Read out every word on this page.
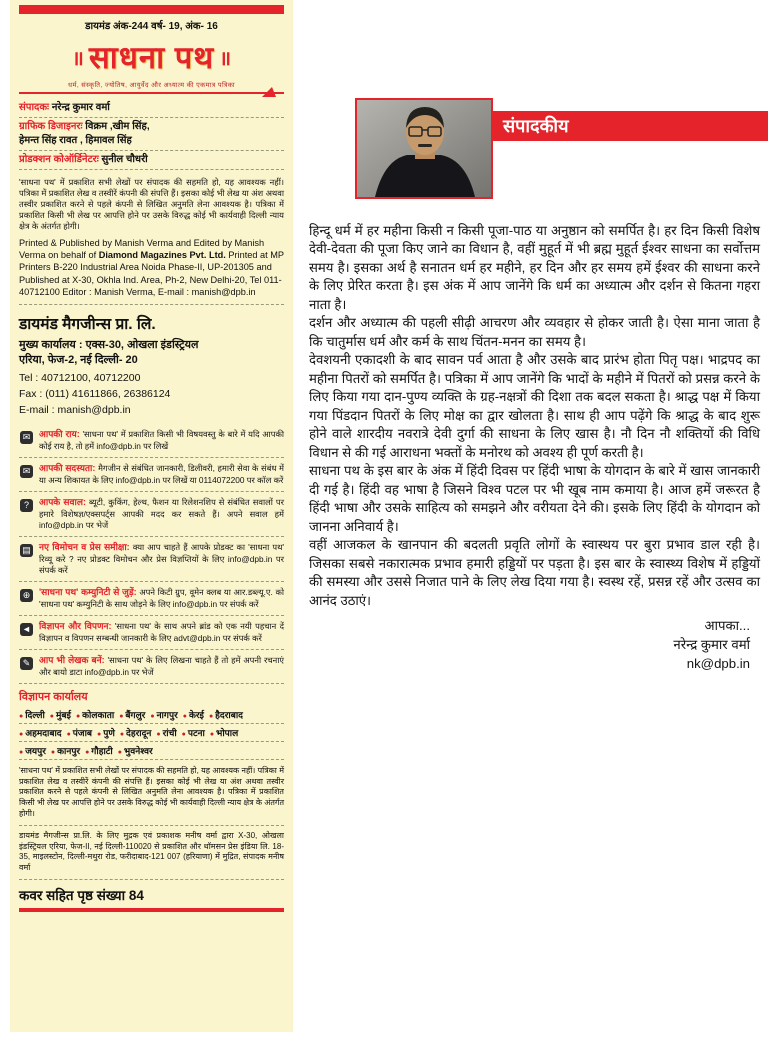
डायमंड अंक-244 वर्ष- 19, अंक- 16
॥ साधना पथ ॥
धर्म, संस्कृति, ज्योतिष, आयुर्वेद और अध्यात्म की एकमात्र पत्रिका
संपादकः नरेन्द्र कुमार वर्मा
ग्राफिक डिजाइनरः विक्रम ,खीम सिंह,
हेमन्त सिंह रावत , हिमावल सिंह
प्रोडक्शन कोऑर्डिनेटरः सुनील चौधरी

'साधना पथ' में प्रकाशित सभी लेखों पर संपादक की सहमति हो, यह आवश्यक नहीं। पत्रिका में प्रकाशित लेख व तस्वीरें कंपनी की संपत्ति हैं। इसका कोई भी लेख या अंश अथवा तस्वीर प्रकाशित करने से पहले कंपनी से लिखित अनुमति लेना आवश्यक है। पत्रिका में प्रकाशित किसी भी लेख पर आपत्ति होने पर उसके विरुद्ध कोई भी कार्यवाही दिल्ली न्याय क्षेत्र के अंतर्गत होगी।

Printed & Published by Manish Verma and Edited by Manish Verma on behalf of Diamond Magazines Pvt. Ltd. Printed at MP Printers B-220 Industrial Area Noida Phase-II, UP-201305 and Published at X-30, Okhla Ind. Area, Ph-2, New Delhi-20, Tel 011-40712100 Editor : Manish Verma, E-mail : manish@dpb.in

डायमंड मैगजीन्स प्रा. लि.
मुख्य कार्यालय : एक्स-30, ओखला इंडस्ट्रियल
एरिया, फेज-2, नई दिल्ली- 20
Tel : 40712100, 40712200
Fax : (011) 41611866, 26386124
E-mail : manish@dpb.in
✉ आपकी राय: 'साधना पथ' में प्रकाशित किसी भी विषयवस्तु के बारे में यदि आपकी कोई राय है, तो हमें info@dpb.in पर लिखें
✉ आपकी सदस्यता: मैगजीन से संबंधित जानकारी, डिलीवरी, हमारी सेवा के संबंध में या अन्य शिकायत के लिए info@dpb.in पर लिखें या 0114072200 पर कॉल करें
?	आपके सवाल: ब्यूटी, कुकिंग, हेल्थ, फैशन या रिलेशनशिप से संबंधित सवालों पर हमारे विशेषज्ञ/एक्सपर्ट्स आपकी मदद कर सकते हैं। अपने सवाल हमें info@dpb.in पर भेजें
▤ नए विमोचन व प्रेस समीक्षा: क्या आप चाहते हैं आपके प्रोडक्ट का 'साधना पथ' रिव्यू करे ? नए प्रोडक्ट विमोचन और प्रेस विज्ञप्तियों के लिए info@dpb.in पर संपर्क करें
⊕ 'साधना पथ' कम्युनिटी से जुड़ें: अपने किटी ग्रुप, वूमेन क्लब या आर.डब्ल्यू.ए. को 'साधना पथ' कम्युनिटी के साथ जोड़ने के लिए info@dpb.in पर संपर्क करें
◄ विज्ञापन और विपणन: 'साधना पथ' के साथ अपने ब्रांड को एक नयी पहचान दें विज्ञापन व विपणन सम्बन्धी जानकारी के लिए advt@dpb.in पर संपर्क करें
✎ आप भी लेखक बनें: 'साधना पथ' के लिए लिखना चाहते हैं तो हमें अपनी रचनाएं और बायो डाटा info@dpb.in पर भेजें
विज्ञापन कार्यालय
● दिल्ली ● मुंबई ● कोलकाता ● बैंगलुर ● नागपुर ● केरई ● हैदराबाद
● अहमदाबाद ● पंजाब ● पुणे ● देहरादून ● रांची ● पटना ● भोपाल
● जयपुर ● कानपुर ● गौहाटी ● भुवनेश्वर

'साधना पथ' में प्रकाशित सभी लेखों पर संपादक की सहमति हो, यह आवश्यक नहीं। पत्रिका में प्रकाशित लेख व तस्वीरें कंपनी की संपत्ति हैं। इसका कोई भी लेख या अंश अथवा तस्वीर प्रकाशित करने से पहले कंपनी से लिखित अनुमति लेना आवश्यक है। पत्रिका में प्रकाशित किसी भी लेख पर आपत्ति होने पर उसके विरुद्ध कोई भी कार्यवाही दिल्ली न्याय क्षेत्र के अंतर्गत होगी।

डायमंड मैगजीन्स प्रा.लि. के लिए मुद्रक एवं प्रकाशक मनीष वर्मा द्वारा X-30, ओखला इंडस्ट्रियल एरिया, फेज-II, नई दिल्ली-110020 से प्रकाशित और थॉमसन प्रेस इंडिया लि. 18-35, माइलस्टोन, दिल्ली-मथुरा रोड, फरीदाबाद-121 007 (हरियाणा) में मुद्रित, संपादक मनीष वर्मा

कवर सहित पृष्ठ संख्या 84
संपादकीय

हिन्दू धर्म में हर महीना किसी न किसी पूजा-पाठ या अनुष्ठान को समर्पित है। हर दिन किसी विशेष देवी-देवता की पूजा किए जाने का विधान है, वहीं मुहूर्त में भी ब्रह्म मुहूर्त ईश्वर साधना का सर्वोत्तम समय है। इसका अर्थ है सनातन धर्म हर महीने, हर दिन और हर समय हमें ईश्वर की साधना करने के लिए प्रेरित करता है। इस अंक में आप जानेंगे कि धर्म का अध्यात्म और दर्शन से कितना गहरा नाता है।

दर्शन और अध्यात्म की पहली सीढ़ी आचरण और व्यवहार से होकर जाती है। ऐसा माना जाता है कि चातुर्मास धर्म और कर्म के साथ चिंतन-मनन का समय है।

देवशयनी एकादशी के बाद सावन पर्व आता है और उसके बाद प्रारंभ होता पितृ पक्ष। भाद्रपद का महीना पितरों को समर्पित है। पत्रिका में आप जानेंगे कि भादों के महीने में पितरों को प्रसन्न करने के लिए किया गया दान-पुण्य व्यक्ति के ग्रह-नक्षत्रों की दिशा तक बदल सकता है। श्राद्ध पक्ष में किया गया पिंडदान पितरों के लिए मोक्ष का द्वार खोलता है। साथ ही आप पढ़ेंगे कि श्राद्ध के बाद शुरू होने वाले शारदीय नवरात्रे देवी दुर्गा की साधना के लिए खास है। नौ दिन नौ शक्तियों की विधि विधान से की गई आराधना भक्तों के मनोरथ को अवश्य ही पूर्ण करती है।

साधना पथ के इस बार के अंक में हिंदी दिवस पर हिंदी भाषा के योगदान के बारे में खास जानकारी दी गई है। हिंदी वह भाषा है जिसने विश्व पटल पर भी खूब नाम कमाया है। आज हमें जरूरत है हिंदी भाषा और उसके साहित्य को समझने और वरीयता देने की। इसके लिए हिंदी के योगदान को जानना अनिवार्य है।

वहीं आजकल के खानपान की बदलती प्रवृति लोगों के स्वास्थय पर बुरा प्रभाव डाल रही है। जिसका सबसे नकारात्मक प्रभाव हमारी हड्डियों पर पड़ता है। इस बार के स्वास्थ्य विशेष में हड्डियों की समस्या और उससे निजात पाने के लिए लेख दिया गया है। स्वस्थ रहें, प्रसन्न रहें और उत्सव का आनंद उठाएं।

आपका...
नरेन्द्र कुमार वर्मा
nk@dpb.in
